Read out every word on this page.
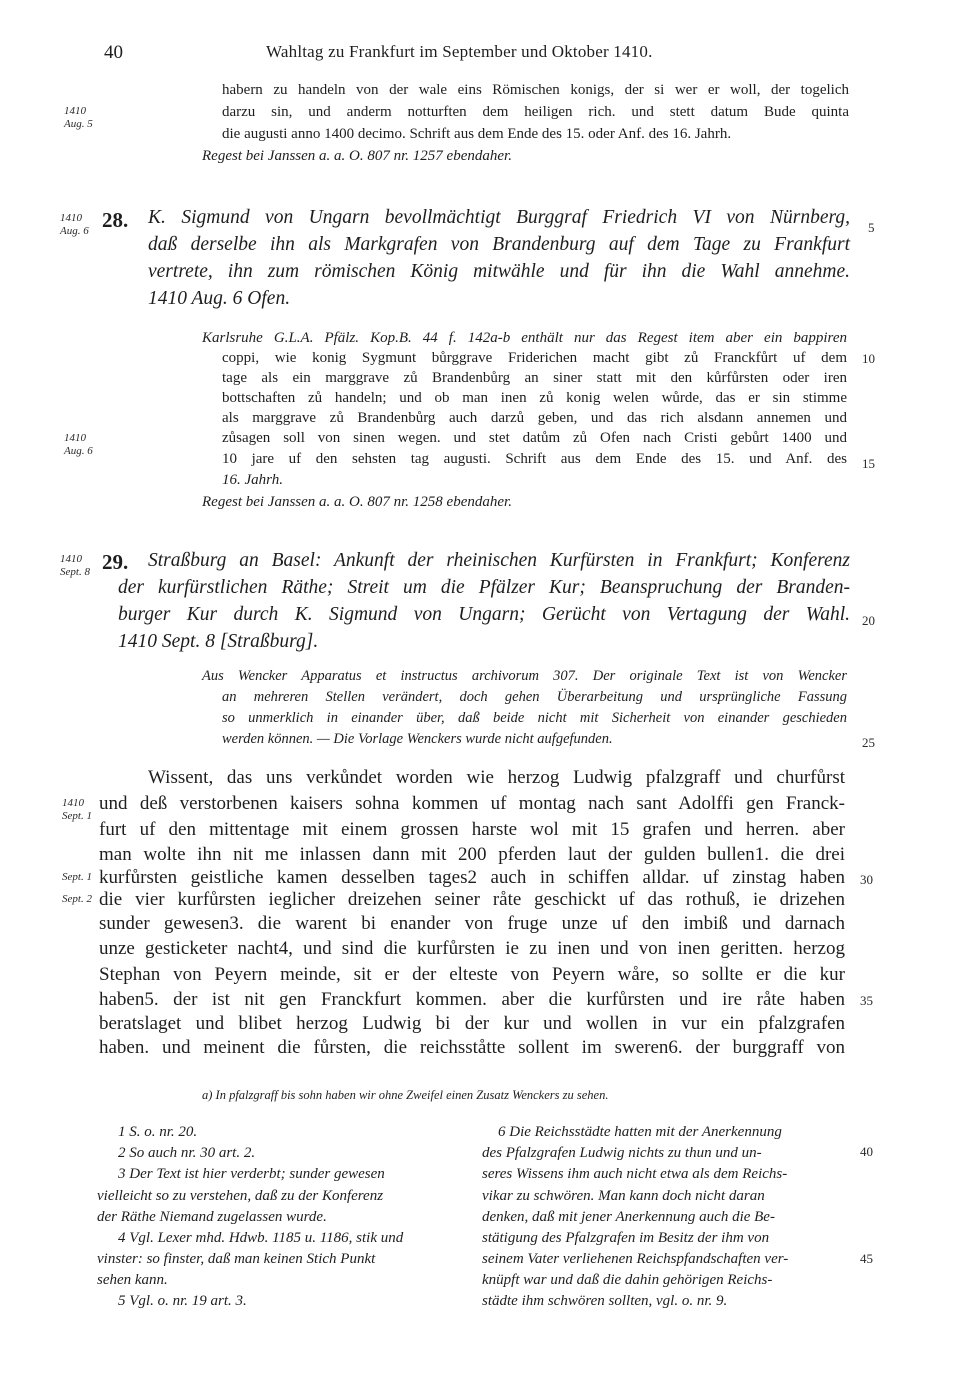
40	Wahltag zu Frankfurt im September und Oktober 1410.
1410
Aug. 5
habern zu handeln von der wale eins Römischen konigs, der si wer er woll, der togelich
darzu sin, und anderm notturften dem heiligen rich. und stett datum Bude quinta
die augusti anno 1400 decimo. Schrift aus dem Ende des 15. oder Anf. des 16. Jahrh.
Regest bei Janssen a. a. O. 807 nr. 1257 ebendaher.
1410
Aug. 6 28. K. Sigmund von Ungarn bevollmächtigt Burggraf Friedrich VI von Nürnberg,
daß derselbe ihn als Markgrafen von Brandenburg auf dem Tage zu Frankfurt
vertrete, ihn zum römischen König mitwähle und für ihn die Wahl annehme.
1410 Aug. 6 Ofen.
1410
Aug. 6
Karlsruhe G.L.A. Pfälz. Kop.B. 44 f. 142a-b enthält nur das Regest item aber ein bappiren
coppi, wie konig Sygmunt bůrggrave Friderichen macht gibt zů Franckfůrt uf dem
tage als ein marggrave zů Brandenbůrg an siner statt mit den kůrfůrsten oder iren
bottschaften zů handeln; und ob man inen zů konig welen wůrde, das er sin stimme
als marggrave zů Brandenbůrg auch darzů geben, und das rich alsdann annemen und
zůsagen soll von sinen wegen. und stet datům zů Ofen nach Cristi gebůrt 1400 und
10 jare uf den sehsten tag augusti. Schrift aus dem Ende des 15. und Anf. des
16. Jahrh.
Regest bei Janssen a. a. O. 807 nr. 1258 ebendaher.
1410
Sept. 8 29. Straßburg an Basel: Ankunft der rheinischen Kurfürsten in Frankfurt; Konferenz
der kurfürstlichen Räthe; Streit um die Pfälzer Kur; Beanspruchung der Branden-
burger Kur durch K. Sigmund von Ungarn; Gerücht von Vertagung der Wahl.
1410 Sept. 8 [Straßburg].
Aus Wencker Apparatus et instructus archivorum 307. Der originale Text ist von Wencker
an mehreren Stellen verändert, doch gehen Überarbeitung und ursprüngliche Fassung
so unmerklich in einander über, daß beide nicht mit Sicherheit von einander geschieden
werden können. — Die Vorlage Wenckers wurde nicht aufgefunden.
1410
Sept. 1
Sept. 1
Sept. 2
Wissent, das uns verkůndet worden wie herzog Ludwig pfalzgraff und churfůrst
und deß verstorbenen kaisers sohna kommen uf montag nach sant Adolffi gen Franck-
furt uf den mittentage mit einem grossen harste wol mit 15 grafen und herren. aber
man wolte ihn nit me inlassen dann mit 200 pferden laut der gulden bullen1. die drei
kurfůrsten geistliche kamen desselben tages2 auch in schiffen alldar. uf zinstag haben
die vier kurfůrsten ieglicher dreizehen seiner råte geschickt uf das rothuß, ie drizehen
sunder gewesen3. die warent bi enander von fruge unze uf den imbiß und darnach
unze gesticketer nacht4, und sind die kurfůrsten ie zu inen und von inen geritten. herzog
Stephan von Peyern meinde, sit er der elteste von Peyern wåre, so sollte er die kur
haben5. der ist nit gen Franckfurt kommen. aber die kurfůrsten und ire råte haben
beratslaget und blibet herzog Ludwig bi der kur und wollen in vur ein pfalzgrafen
haben. und meinent die fůrsten, die reichsståtte sollent im sweren6. der burggraff von
a) In pfalzgraff bis sohn haben wir ohne Zweifel einen Zusatz Wenckers zu sehen.
1 S. o. nr. 20.
2 So auch nr. 30 art. 2.
3 Der Text ist hier verderbt; sunder gewesen
vielleicht so zu verstehen, daß zu der Konferenz
der Räthe Niemand zugelassen wurde.
4 Vgl. Lexer mhd. Hdwb. 1185 u. 1186, stik und
vinster: so finster, daß man keinen Stich Punkt
sehen kann.
5 Vgl. o. nr. 19 art. 3.
6 Die Reichsstädte hatten mit der Anerkennung
des Pfalzgrafen Ludwig nichts zu thun und un-
seres Wissens ihm auch nicht etwa als dem Reichs-
vikar zu schwören. Man kann doch nicht daran
denken, daß mit jener Anerkennung auch die Be-
stätigung des Pfalzgrafen im Besitz der ihm von
seinem Vater verliehenen Reichspfandschaften ver-
knüpft war und daß die dahin gehörigen Reichs-
städte ihm schwören sollten, vgl. o. nr. 9.
5
10
15
20
25
30
35
40
45
